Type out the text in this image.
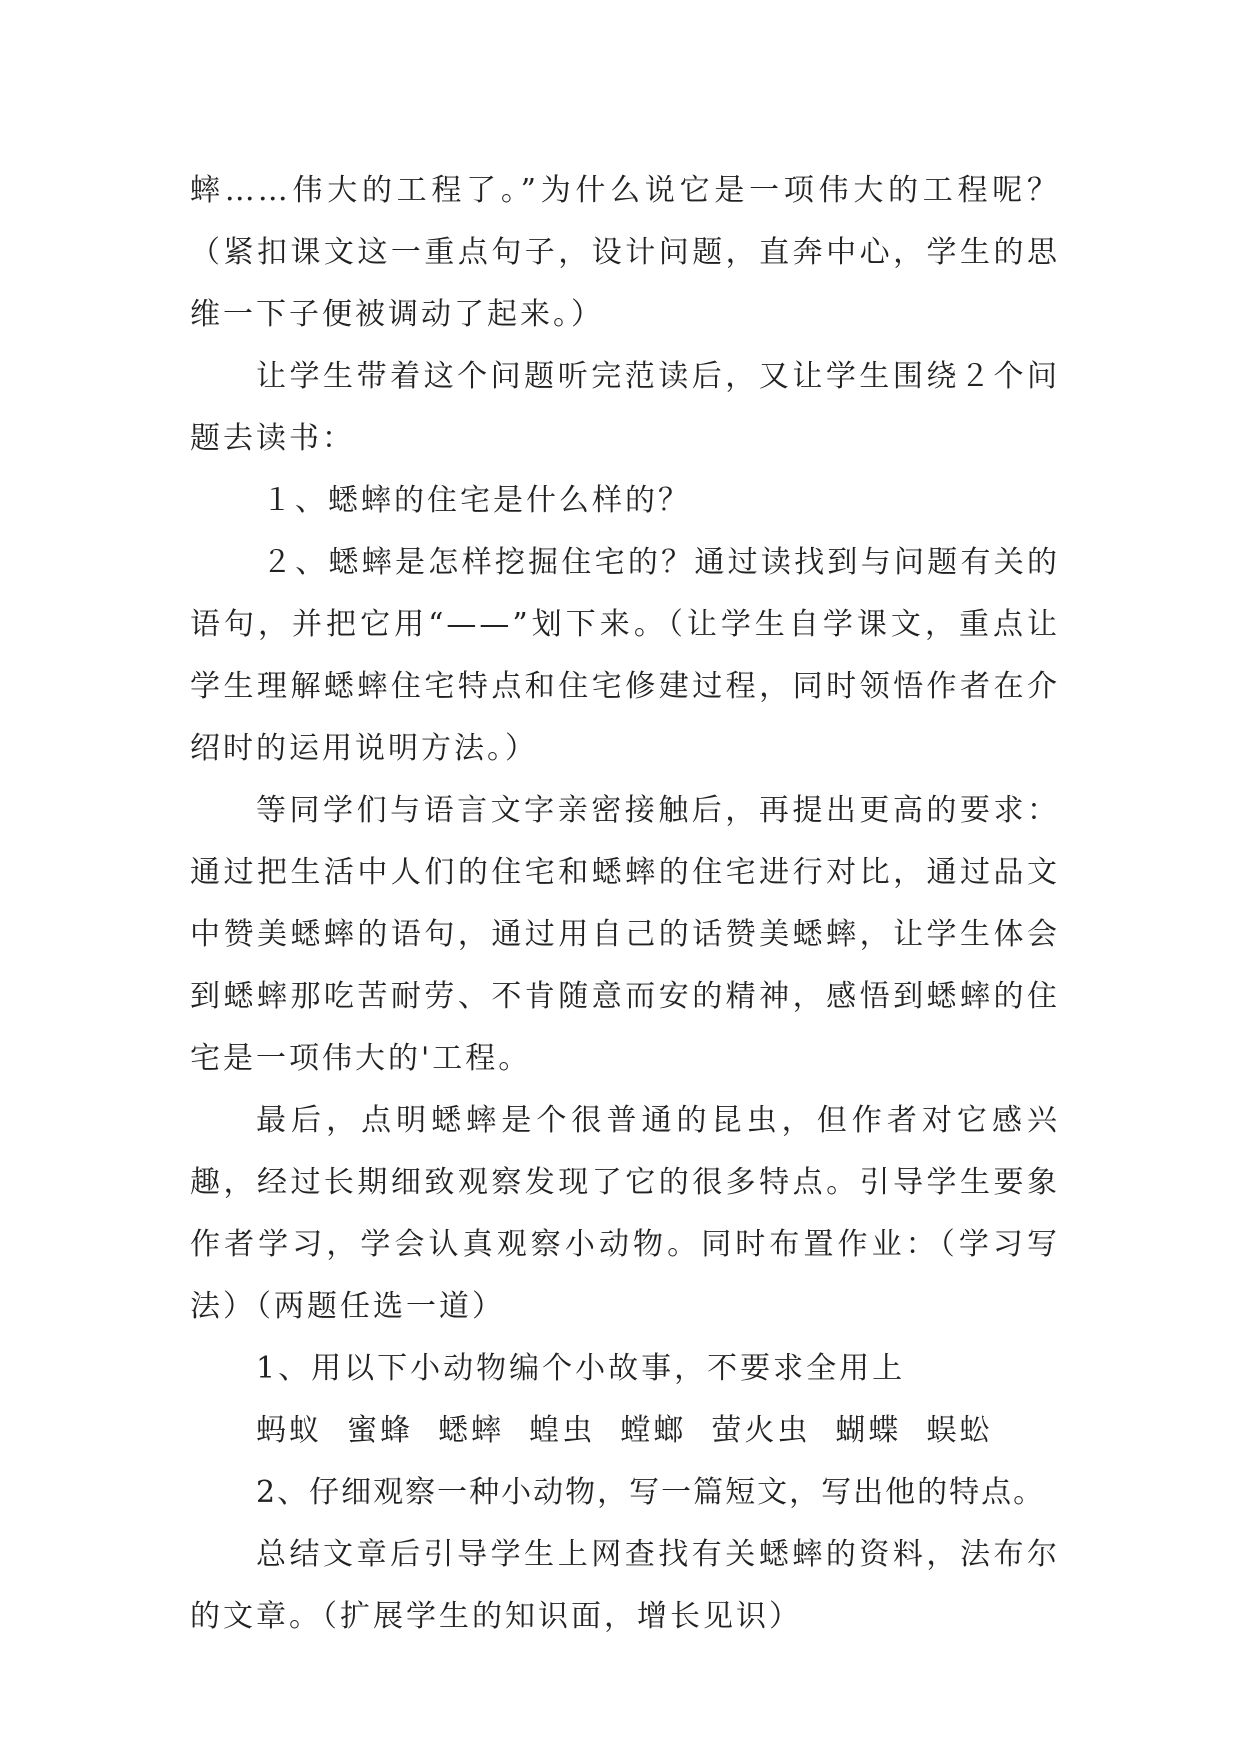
蟀……伟大的工程了。”为什么说它是一项伟大的工程呢？（紧扣课文这一重点句子，设计问题，直奔中心，学生的思维一下子便被调动了起来。）

让学生带着这个问题听完范读后，又让学生围绕２个问题去读书：

１、蟋蟀的住宅是什么样的？

２、蟋蟀是怎样挖掘住宅的？通过读找到与问题有关的语句，并把它用“——”划下来。（让学生自学课文，重点让学生理解蟋蟀住宅特点和住宅修建过程，同时领悟作者在介绍时的运用说明方法。）

等同学们与语言文字亲密接触后，再提出更高的要求：通过把生活中人们的住宅和蟋蟀的住宅进行对比，通过品文中赞美蟋蟀的语句，通过用自己的话赞美蟋蟀，让学生体会到蟋蟀那吃苦耐劳、不肯随意而安的精神，感悟到蟋蟀的住宅是一项伟大的'工程。

最后，点明蟋蟀是个很普通的昆虫，但作者对它感兴趣，经过长期细致观察发现了它的很多特点。引导学生要象作者学习，学会认真观察小动物。同时布置作业：（学习写法）（两题任选一道）

1、用以下小动物编个小故事，不要求全用上

蚂蚁  蜜蜂  蟋蟀  蝗虫  螳螂  萤火虫  蝴蝶  蜈蚣

2、仔细观察一种小动物，写一篇短文，写出他的特点。

总结文章后引导学生上网查找有关蟋蟀的资料，法布尔的文章。（扩展学生的知识面，增长见识）
